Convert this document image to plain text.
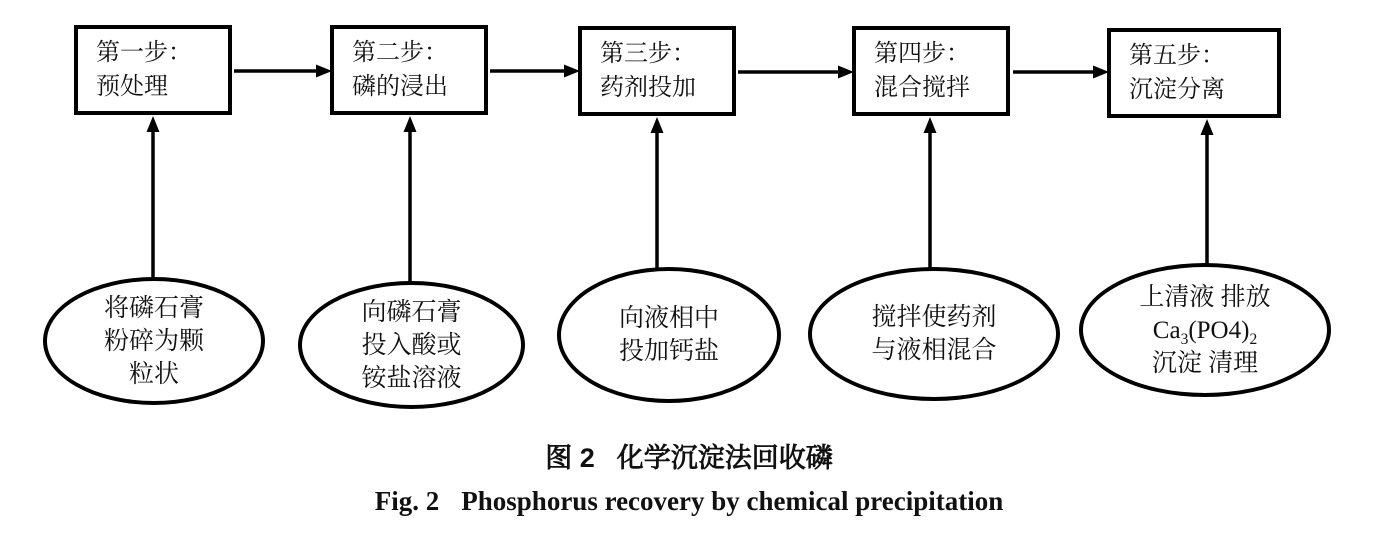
第一步：
预处理
第二步：
磷的浸出
第三步：
药剂投加
第四步：
混合搅拌
第五步：
沉淀分离
将磷石膏
粉碎为颗
粒状
向磷石膏
投入酸或
铵盐溶液
向液相中
投加钙盐
搅拌使药剂
与液相混合
上清液 排放
$Ca_3(PO4)_2$
沉淀 清理
图 2 化学沉淀法回收磷
Fig. 2 Phosphorus recovery by chemical precipitation
